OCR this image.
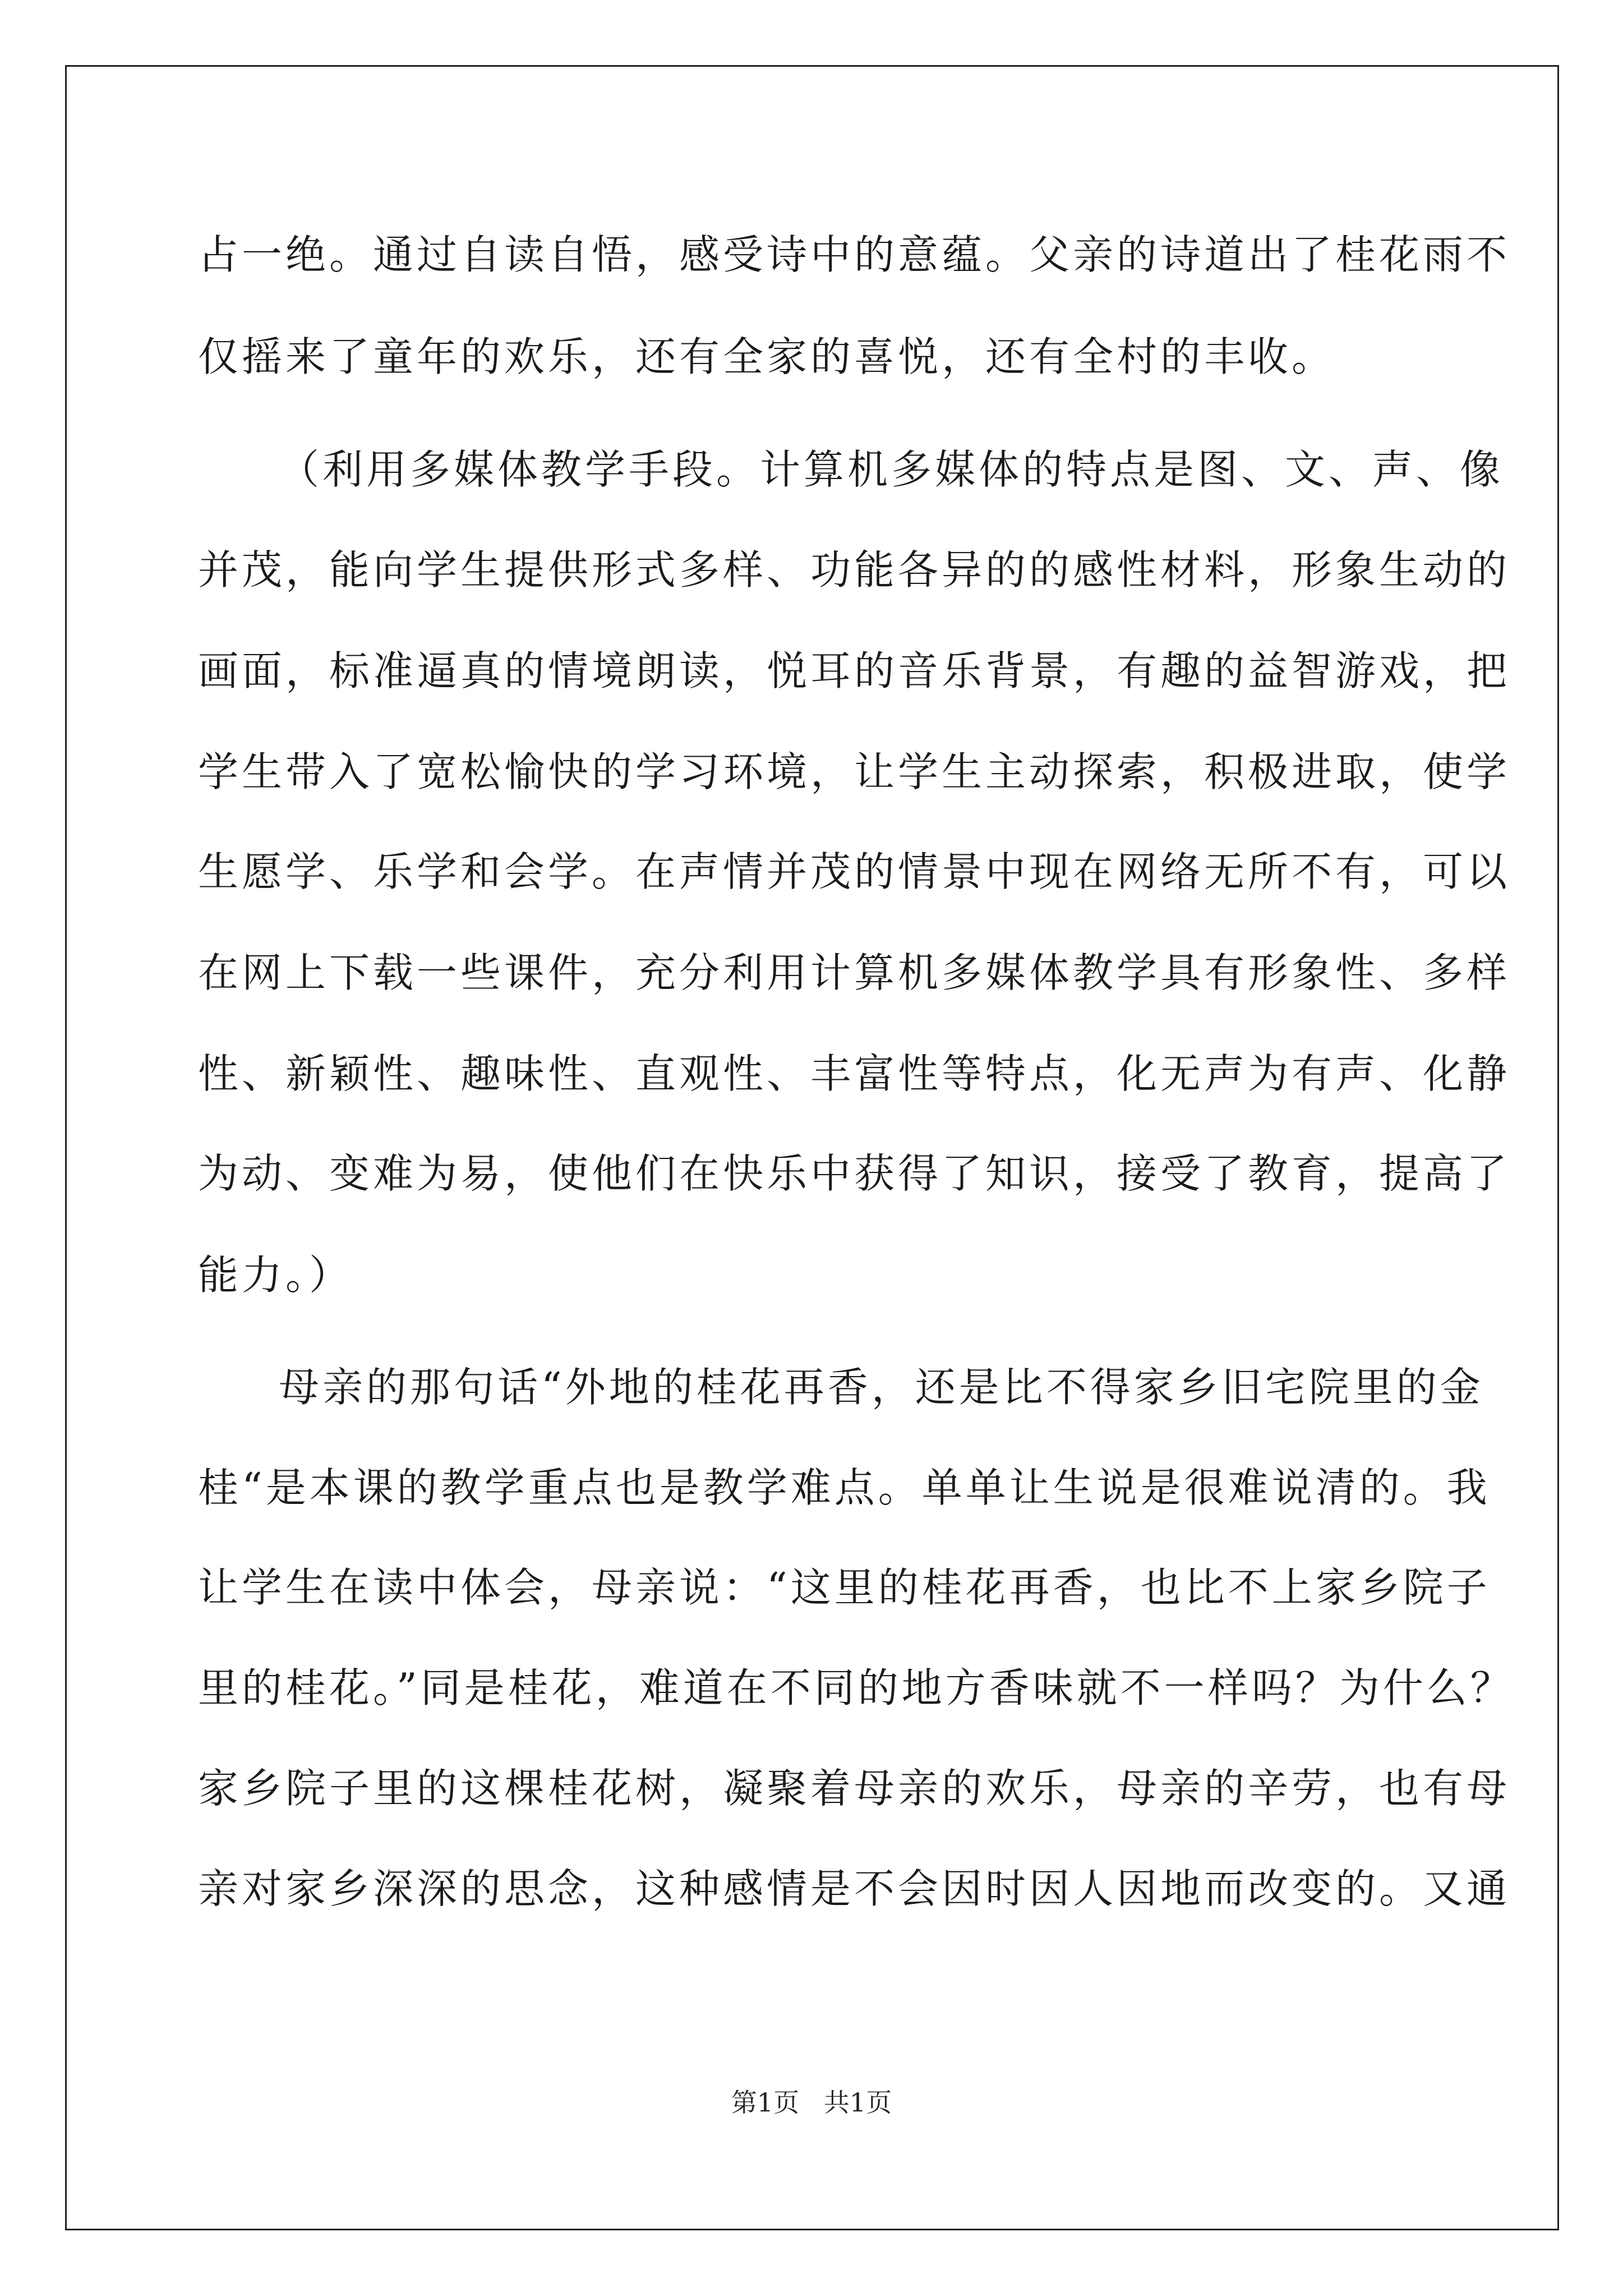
占一绝。通过自读自悟，感受诗中的意蕴。父亲的诗道出了桂花雨不
仅摇来了童年的欢乐，还有全家的喜悦，还有全村的丰收。
（利用多媒体教学手段。计算机多媒体的特点是图、文、声、像
并茂，能向学生提供形式多样、功能各异的的感性材料，形象生动的
画面，标准逼真的情境朗读，悦耳的音乐背景，有趣的益智游戏，把
学生带入了宽松愉快的学习环境，让学生主动探索，积极进取，使学
生愿学、乐学和会学。在声情并茂的情景中现在网络无所不有，可以
在网上下载一些课件，充分利用计算机多媒体教学具有形象性、多样
性、新颖性、趣味性、直观性、丰富性等特点，化无声为有声、化静
为动、变难为易，使他们在快乐中获得了知识，接受了教育，提高了
能力。）
母亲的那句话“外地的桂花再香，还是比不得家乡旧宅院里的金
桂“是本课的教学重点也是教学难点。单单让生说是很难说清的。我
让学生在读中体会，母亲说：“这里的桂花再香，也比不上家乡院子
里的桂花。”同是桂花，难道在不同的地方香味就不一样吗？为什么？
家乡院子里的这棵桂花树，凝聚着母亲的欢乐，母亲的辛劳，也有母
亲对家乡深深的思念，这种感情是不会因时因人因地而改变的。又通
第1页   共1页
